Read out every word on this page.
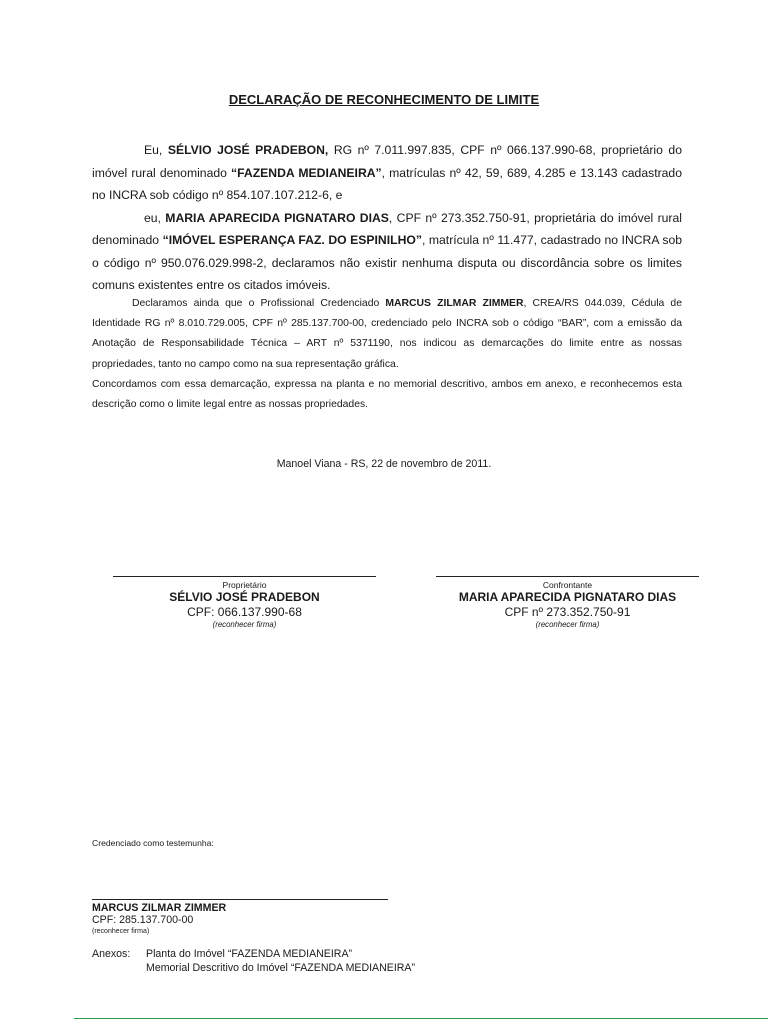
DECLARAÇÃO DE RECONHECIMENTO DE LIMITE
Eu, SÉLVIO JOSÉ PRADEBON, RG nº 7.011.997.835, CPF nº 066.137.990-68, proprietário do imóvel rural denominado “FAZENDA MEDIANEIRA”, matrículas nº 42, 59, 689, 4.285 e 13.143 cadastrado no INCRA sob código nº 854.107.107.212-6, e
eu, MARIA APARECIDA PIGNATARO DIAS, CPF nº 273.352.750-91, proprietária do imóvel rural denominado “IMÓVEL ESPERANÇA FAZ. DO ESPINILHO”, matrícula nº 11.477, cadastrado no INCRA sob o código nº 950.076.029.998-2, declaramos não existir nenhuma disputa ou discordância sobre os limites comuns existentes entre os citados imóveis.
Declaramos ainda que o Profissional Credenciado MARCUS ZILMAR ZIMMER, CREA/RS 044.039, Cédula de Identidade RG nº 8.010.729.005, CPF nº 285.137.700-00, credenciado pelo INCRA sob o código “BAR”, com a emissão da Anotação de Responsabilidade Técnica – ART nº 5371190, nos indicou as demarcações do limite entre as nossas propriedades, tanto no campo como na sua representação gráfica.
Concordamos com essa demarcação, expressa na planta e no memorial descritivo, ambos em anexo, e reconhecemos esta descrição como o limite legal entre as nossas propriedades.
Manoel Viana - RS, 22 de novembro de 2011.
Proprietário
SÉLVIO JOSÉ PRADEBON
CPF: 066.137.990-68
(reconhecer firma)
Confrontante
MARIA APARECIDA PIGNATARO DIAS
CPF nº 273.352.750-91
(reconhecer firma)
Credenciado como testemunha:
MARCUS ZILMAR ZIMMER
CPF: 285.137.700-00
(reconhecer firma)
Anexos:	Planta do Imóvel “FAZENDA MEDIANEIRA”
Memorial Descritivo do Imóvel “FAZENDA MEDIANEIRA”
